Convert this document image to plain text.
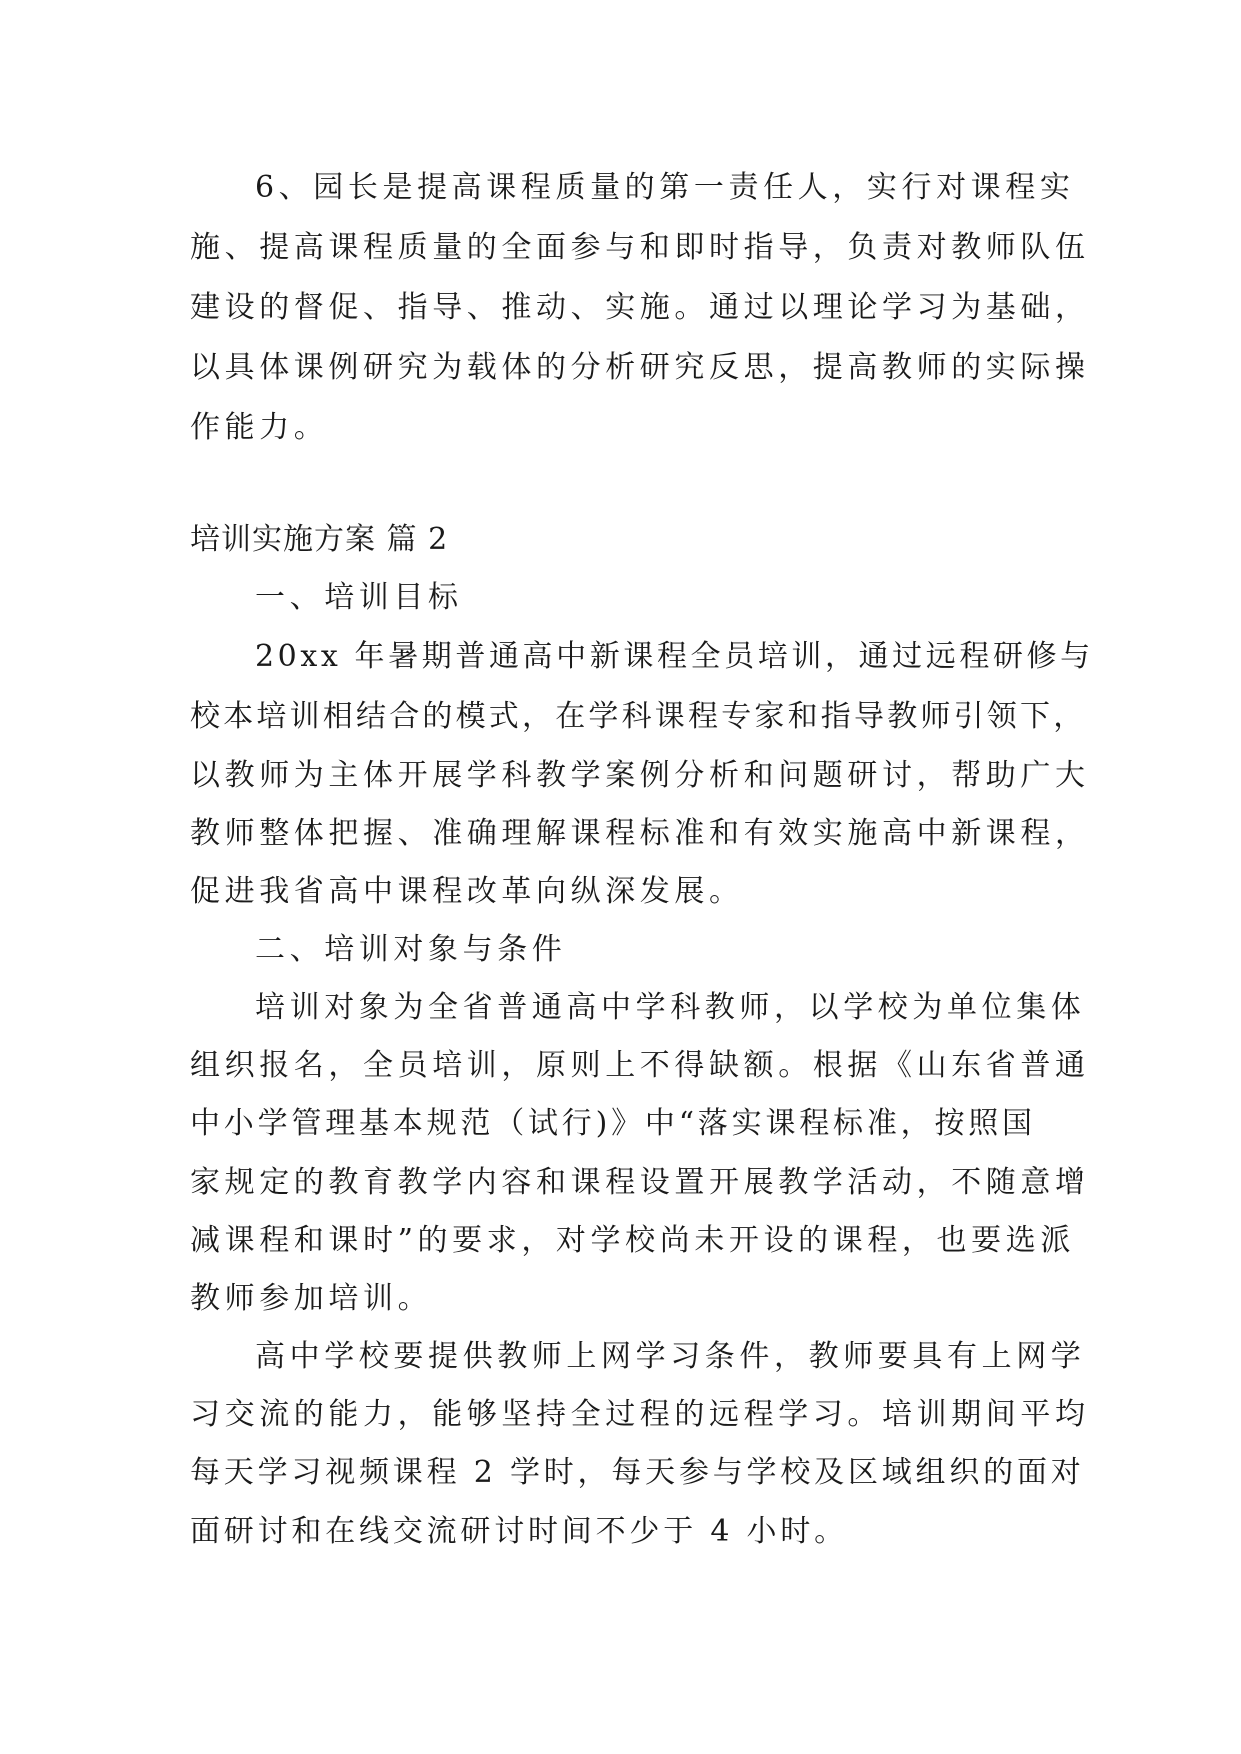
6、园长是提高课程质量的第一责任人，实行对课程实
施、提高课程质量的全面参与和即时指导，负责对教师队伍
建设的督促、指导、推动、实施。通过以理论学习为基础，
以具体课例研究为载体的分析研究反思，提高教师的实际操
作能力。
培训实施方案 篇 2
一、培训目标
20xx 年暑期普通高中新课程全员培训，通过远程研修与
校本培训相结合的模式，在学科课程专家和指导教师引领下，
以教师为主体开展学科教学案例分析和问题研讨，帮助广大
教师整体把握、准确理解课程标准和有效实施高中新课程，
促进我省高中课程改革向纵深发展。
二、培训对象与条件
培训对象为全省普通高中学科教师，以学校为单位集体
组织报名，全员培训，原则上不得缺额。根据《山东省普通
中小学管理基本规范（试行)》中“落实课程标准，按照国
家规定的教育教学内容和课程设置开展教学活动，不随意增
减课程和课时”的要求，对学校尚未开设的课程，也要选派
教师参加培训。
高中学校要提供教师上网学习条件，教师要具有上网学
习交流的能力，能够坚持全过程的远程学习。培训期间平均
每天学习视频课程 2 学时，每天参与学校及区域组织的面对
面研讨和在线交流研讨时间不少于 4 小时。
